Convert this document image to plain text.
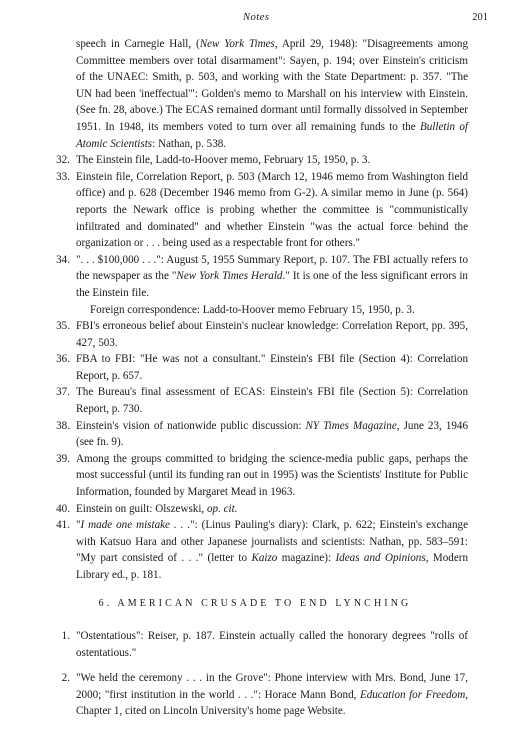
Notes	201

speech in Carnegie Hall, (New York Times, April 29, 1948): "Disagreements among Committee members over total disarmament": Sayen, p. 194; over Einstein's criticism of the UNAEC: Smith, p. 503, and working with the State Department: p. 357. "The UN had been 'ineffectual'": Golden's memo to Marshall on his interview with Einstein. (See fn. 28, above.) The ECAS remained dormant until formally dissolved in September 1951. In 1948, its members voted to turn over all remaining funds to the Bulletin of Atomic Scientists: Nathan, p. 538.

32. The Einstein file, Ladd-to-Hoover memo, February 15, 1950, p. 3.

33. Einstein file, Correlation Report, p. 503 (March 12, 1946 memo from Washington field office) and p. 628 (December 1946 memo from G-2). A similar memo in June (p. 564) reports the Newark office is probing whether the committee is "communistically infiltrated and dominated" and whether Einstein "was the actual force behind the organization or . . . being used as a respectable front for others."

34. ". . . $100,000 . . .": August 5, 1955 Summary Report, p. 107. The FBI actually refers to the newspaper as the "New York Times Herald." It is one of the less significant errors in the Einstein file.

Foreign correspondence: Ladd-to-Hoover memo February 15, 1950, p. 3.

35. FBI's erroneous belief about Einstein's nuclear knowledge: Correlation Report, pp. 395, 427, 503.

36. FBA to FBI: "He was not a consultant." Einstein's FBI file (Section 4): Correlation Report, p. 657.

37. The Bureau's final assessment of ECAS: Einstein's FBI file (Section 5): Correlation Report, p. 730.

38. Einstein's vision of nationwide public discussion: NY Times Magazine, June 23, 1946 (see fn. 9).

39. Among the groups committed to bridging the science-media public gaps, perhaps the most successful (until its funding ran out in 1995) was the Scientists' Institute for Public Information, founded by Margaret Mead in 1963.

40. Einstein on guilt: Olszewski, op. cit.

41. "I made one mistake . . .": (Linus Pauling's diary): Clark, p. 622; Einstein's exchange with Katsuo Hara and other Japanese journalists and scientists: Nathan, pp. 583–591: "My part consisted of . . ." (letter to Kaizo magazine): Ideas and Opinions, Modern Library ed., p. 181.

6. AMERICAN CRUSADE TO END LYNCHING

1. "Ostentatious": Reiser, p. 187. Einstein actually called the honorary degrees "rolls of ostentatious."

2. "We held the ceremony . . . in the Grove": Phone interview with Mrs. Bond, June 17, 2000; "first institution in the world . . .": Horace Mann Bond, Education for Freedom, Chapter 1, cited on Lincoln University's home page Website.
